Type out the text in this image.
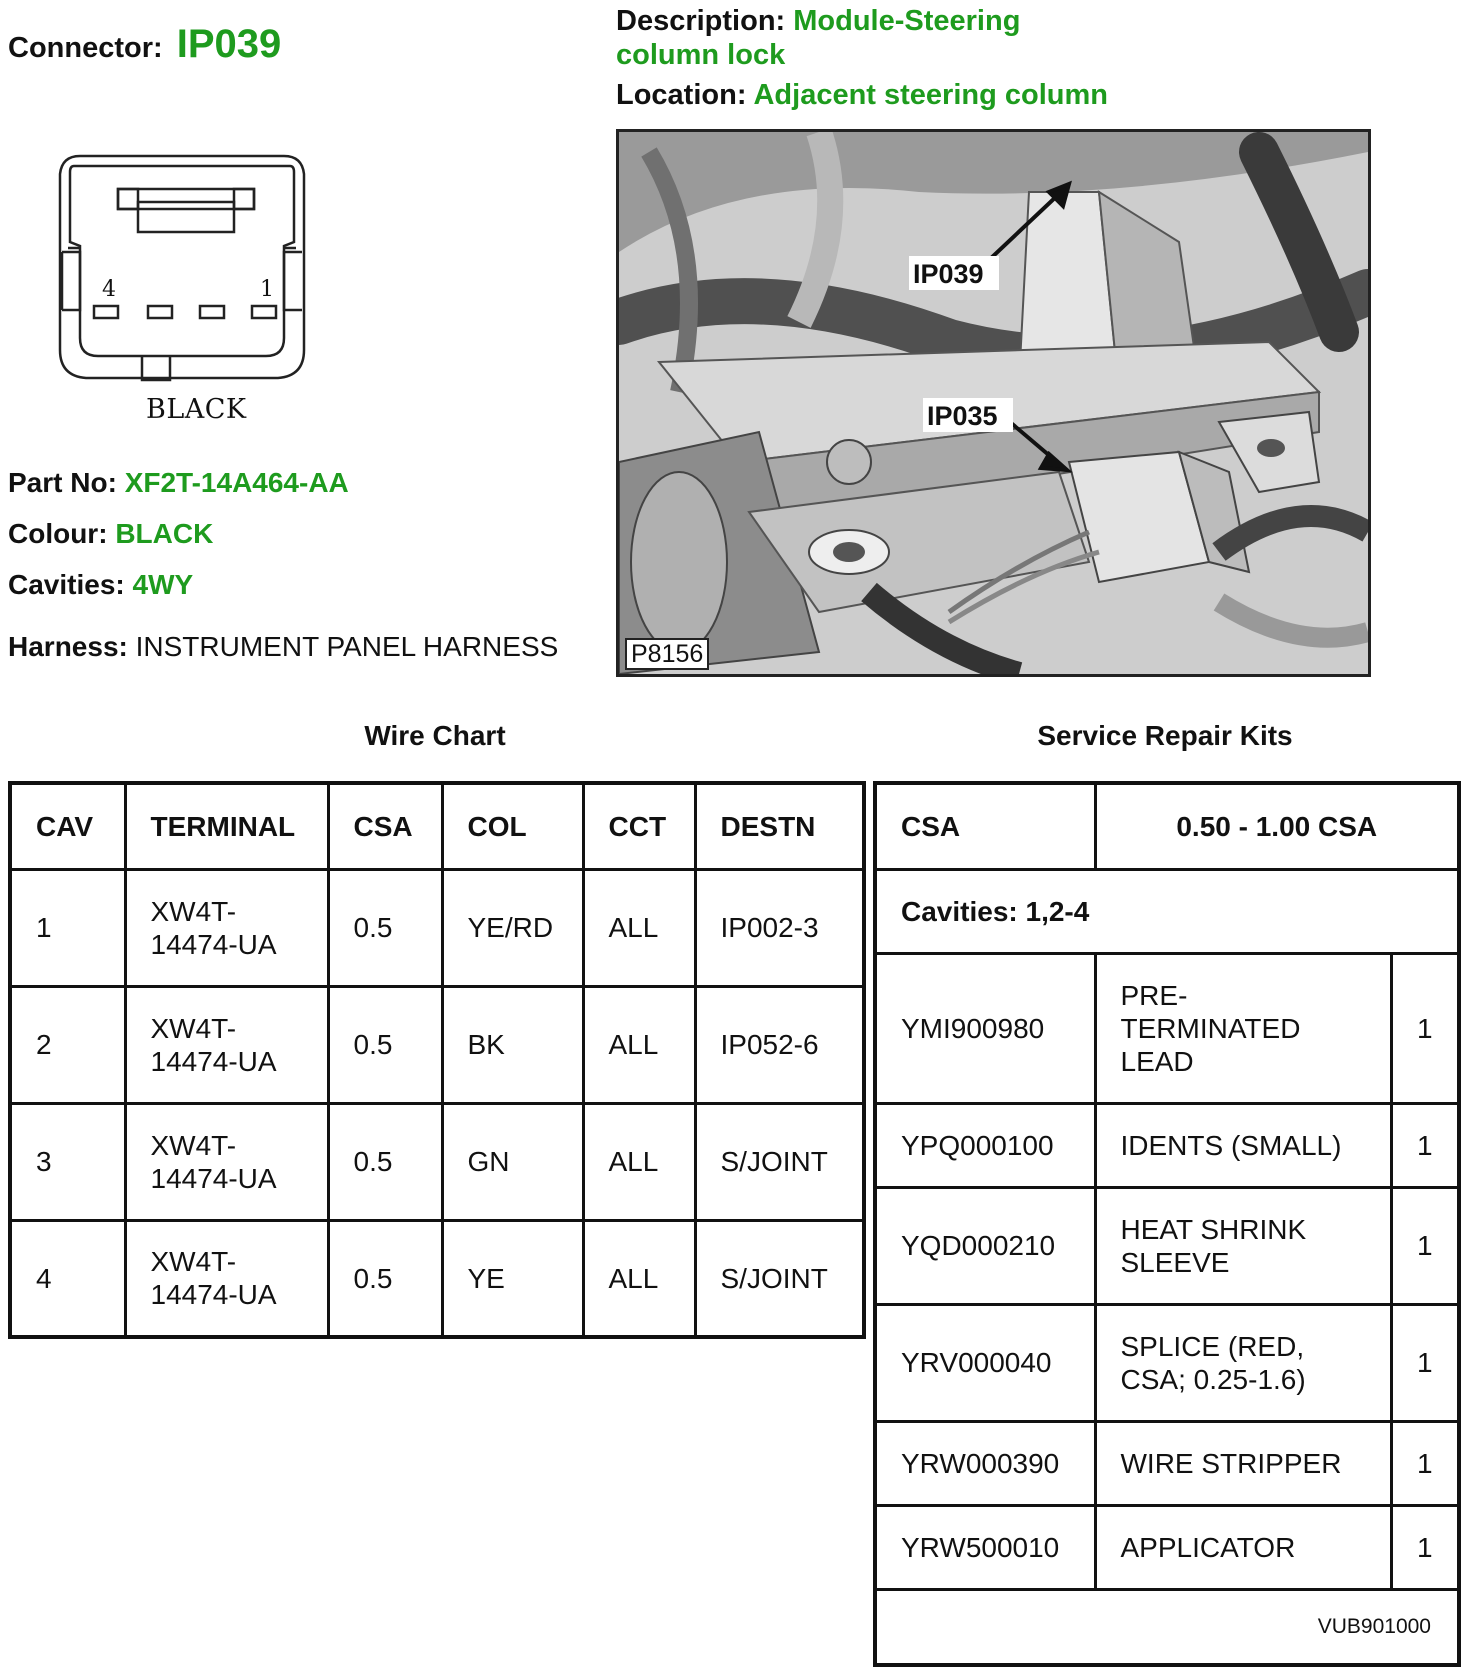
Connector: IP039
Description: Module-Steering
column lock
Location: Adjacent steering column
4	1
BLACK
Part No: XF2T-14A464-AA
Colour: BLACK
Cavities: 4WY
Harness: INSTRUMENT PANEL HARNESS
IP039
IP035
P8156
Wire Chart	Service Repair Kits
CAV	TERMINAL	CSA	COL	CCT	DESTN
1	XW4T-
14474-UA	0.5	YE/RD	ALL	IP002-3
2	XW4T-
14474-UA	0.5	BK	ALL	IP052-6
3	XW4T-
14474-UA	0.5	GN	ALL	S/JOINT
4	XW4T-
14474-UA	0.5	YE	ALL	S/JOINT
CSA	0.50 - 1.00 CSA	
Cavities: 1,2-4		
YMI900980	PRE-
TERMINATED
LEAD	1
YPQ000100	IDENTS (SMALL)	1
YQD000210	HEAT SHRINK
SLEEVE	1
YRV000040	SPLICE (RED,
CSA; 0.25-1.6)	1
YRW000390	WIRE STRIPPER	1
YRW500010	APPLICATOR	1
VUB901000		
